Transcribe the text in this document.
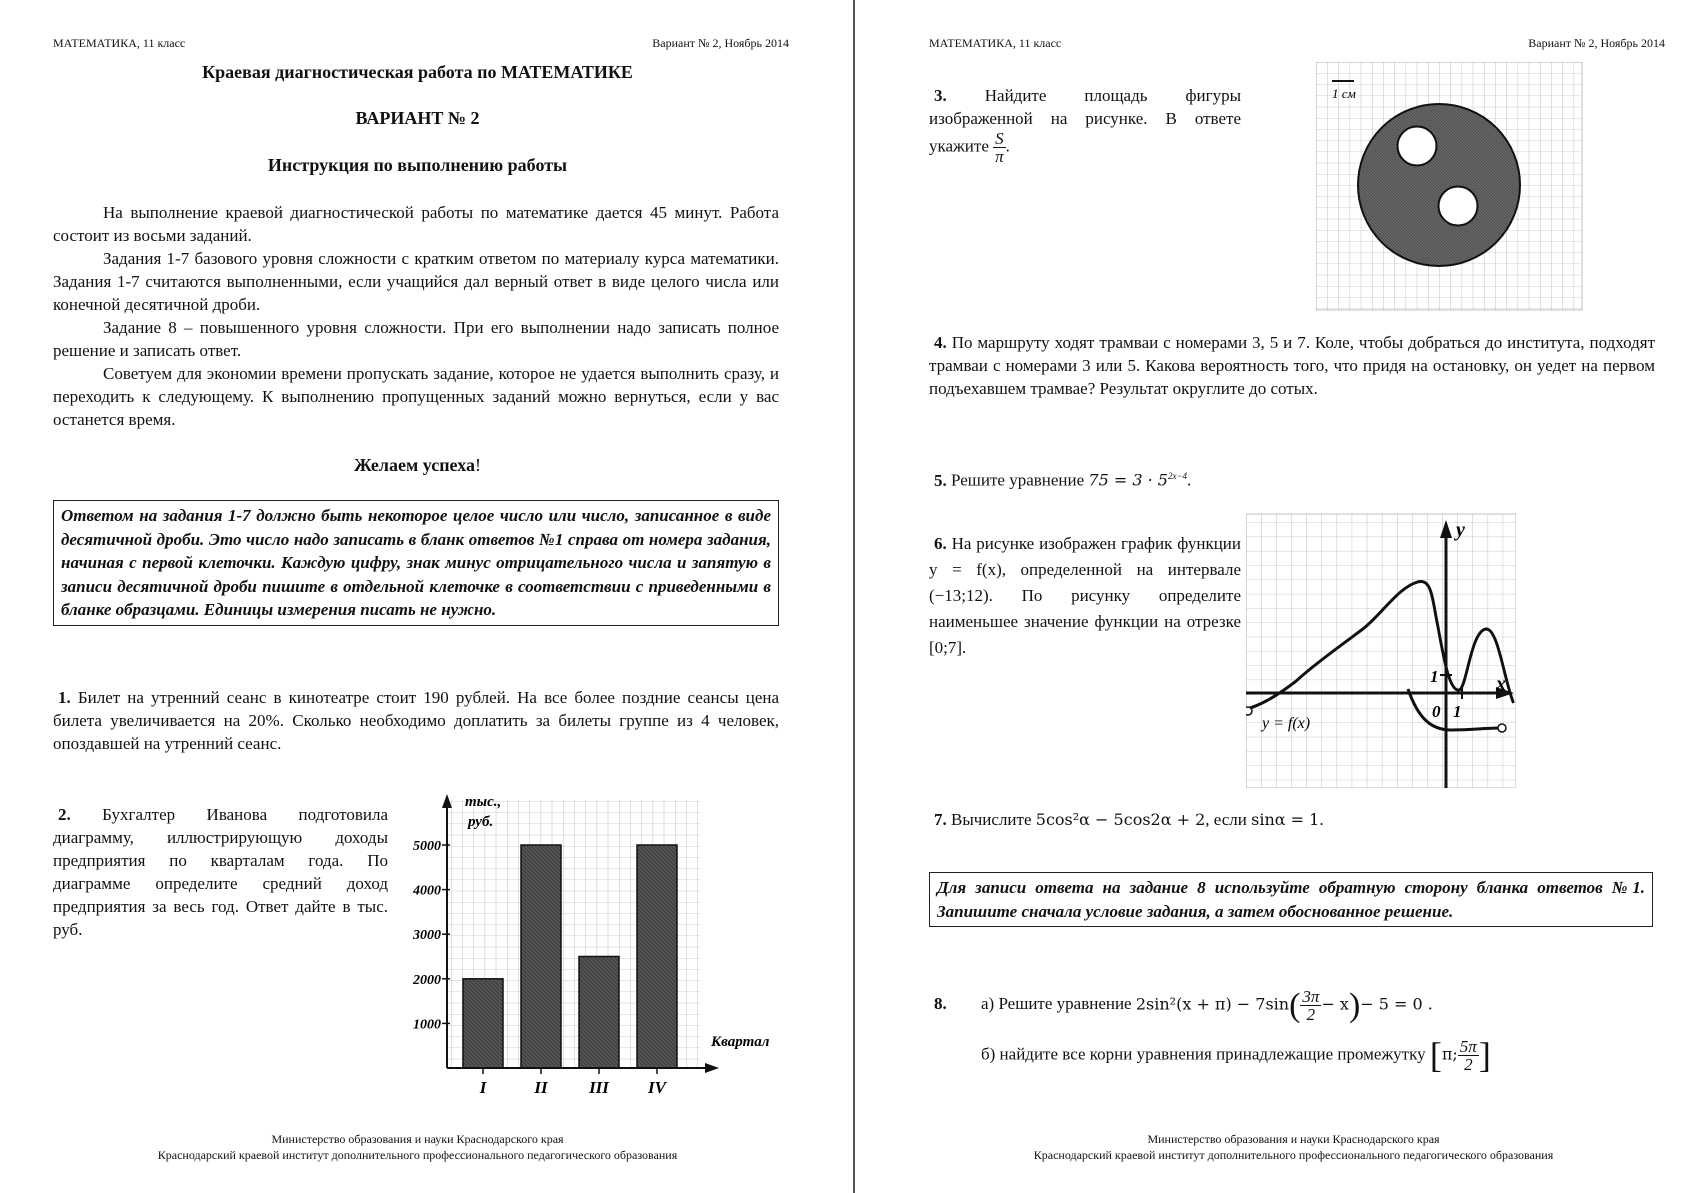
МАТЕМАТИКА, 11 класс	Вариант № 2, Ноябрь 2014
Краевая диагностическая работа по МАТЕМАТИКЕ
ВАРИАНТ № 2
Инструкция по выполнению работы

На выполнение краевой диагностической работы по математике дается 45 минут. Работа состоит из восьми заданий.

Задания 1-7 базового уровня сложности с кратким ответом по материалу курса математики. Задания 1-7 считаются выполненными, если учащийся дал верный ответ в виде целого числа или конечной десятичной дроби.

Задание 8 – повышенного уровня сложности. При его выполнении надо записать полное решение и записать ответ.

Советуем для экономии времени пропускать задание, которое не удается выполнить сразу, и переходить к следующему. К выполнению пропущенных заданий можно вернуться, если у вас останется время.

Желаем успеха!
Ответом на задания 1-7 должно быть некоторое целое число или число, записанное в виде десятичной дроби. Это число надо записать в бланк ответов №1 справа от номера задания, начиная с первой клеточки. Каждую цифру, знак минус отрицательного числа и запятую в записи десятичной дроби пишите в отдельной клеточке в соответствии с приведенными в бланке образцами. Единицы измерения писать не нужно.
1. Билет на утренний сеанс в кинотеатре стоит 190 рублей. На все более поздние сеансы цена билета увеличивается на 20%. Сколько необходимо доплатить за билеты группе из 4 человек, опоздавшей на утренний сеанс.
2. Бухгалтер Иванова подготовила диаграмму, иллюстрирующую доходы предприятия по кварталам года. По диаграмме определите средний доход предприятия за весь год. Ответ дайте в тыс. руб.
1000
2000
3000
4000
5000
I	II III IV
тыс.,
руб.
Квартал
Министерство образования и науки Краснодарского края
Краснодарский краевой институт дополнительного профессионального педагогического образования
МАТЕМАТИКА, 11 класс	Вариант № 2, Ноябрь 2014
3. Найдите площадь фигуры изображенной на рисунке. В ответе укажите $\frac{S}{\pi}$ .
1 см
4. По маршруту ходят трамваи с номерами 3, 5 и 7. Коле, чтобы добраться до института, подходят трамваи с номерами 3 или 5. Какова вероятность того, что придя на остановку, он уедет на первом подъехавшем трамвае? Результат округлите до сотых.
5. Решите уравнение $75 = 3 \cdot 5^{2x-4}$.
6. На рисунке изображен график функции y = f(x), определенной на интервале (−13;12). По рисунку определите наименьшее значение функции на отрезке [0;7].
y
x
1
1
0
y = f(x)
7. Вычислите 5cos²α − 5cos2α + 2, если sinα = 1.
Для записи ответа на задание 8 используйте обратную сторону бланка ответов №1. Запишите сначала условие задания, а затем обоснованное решение.
8. а) Решите уравнение $2\sin^2(x + \pi) - 7\sin( \frac{3\pi}{2} - x)- 5 = 0$ .
б) найдите все корни уравнения принадлежащие промежутку [π; $\frac{5\pi}{2}$ ]
Министерство образования и науки Краснодарского края
Краснодарский краевой институт дополнительного профессионального педагогического образования
